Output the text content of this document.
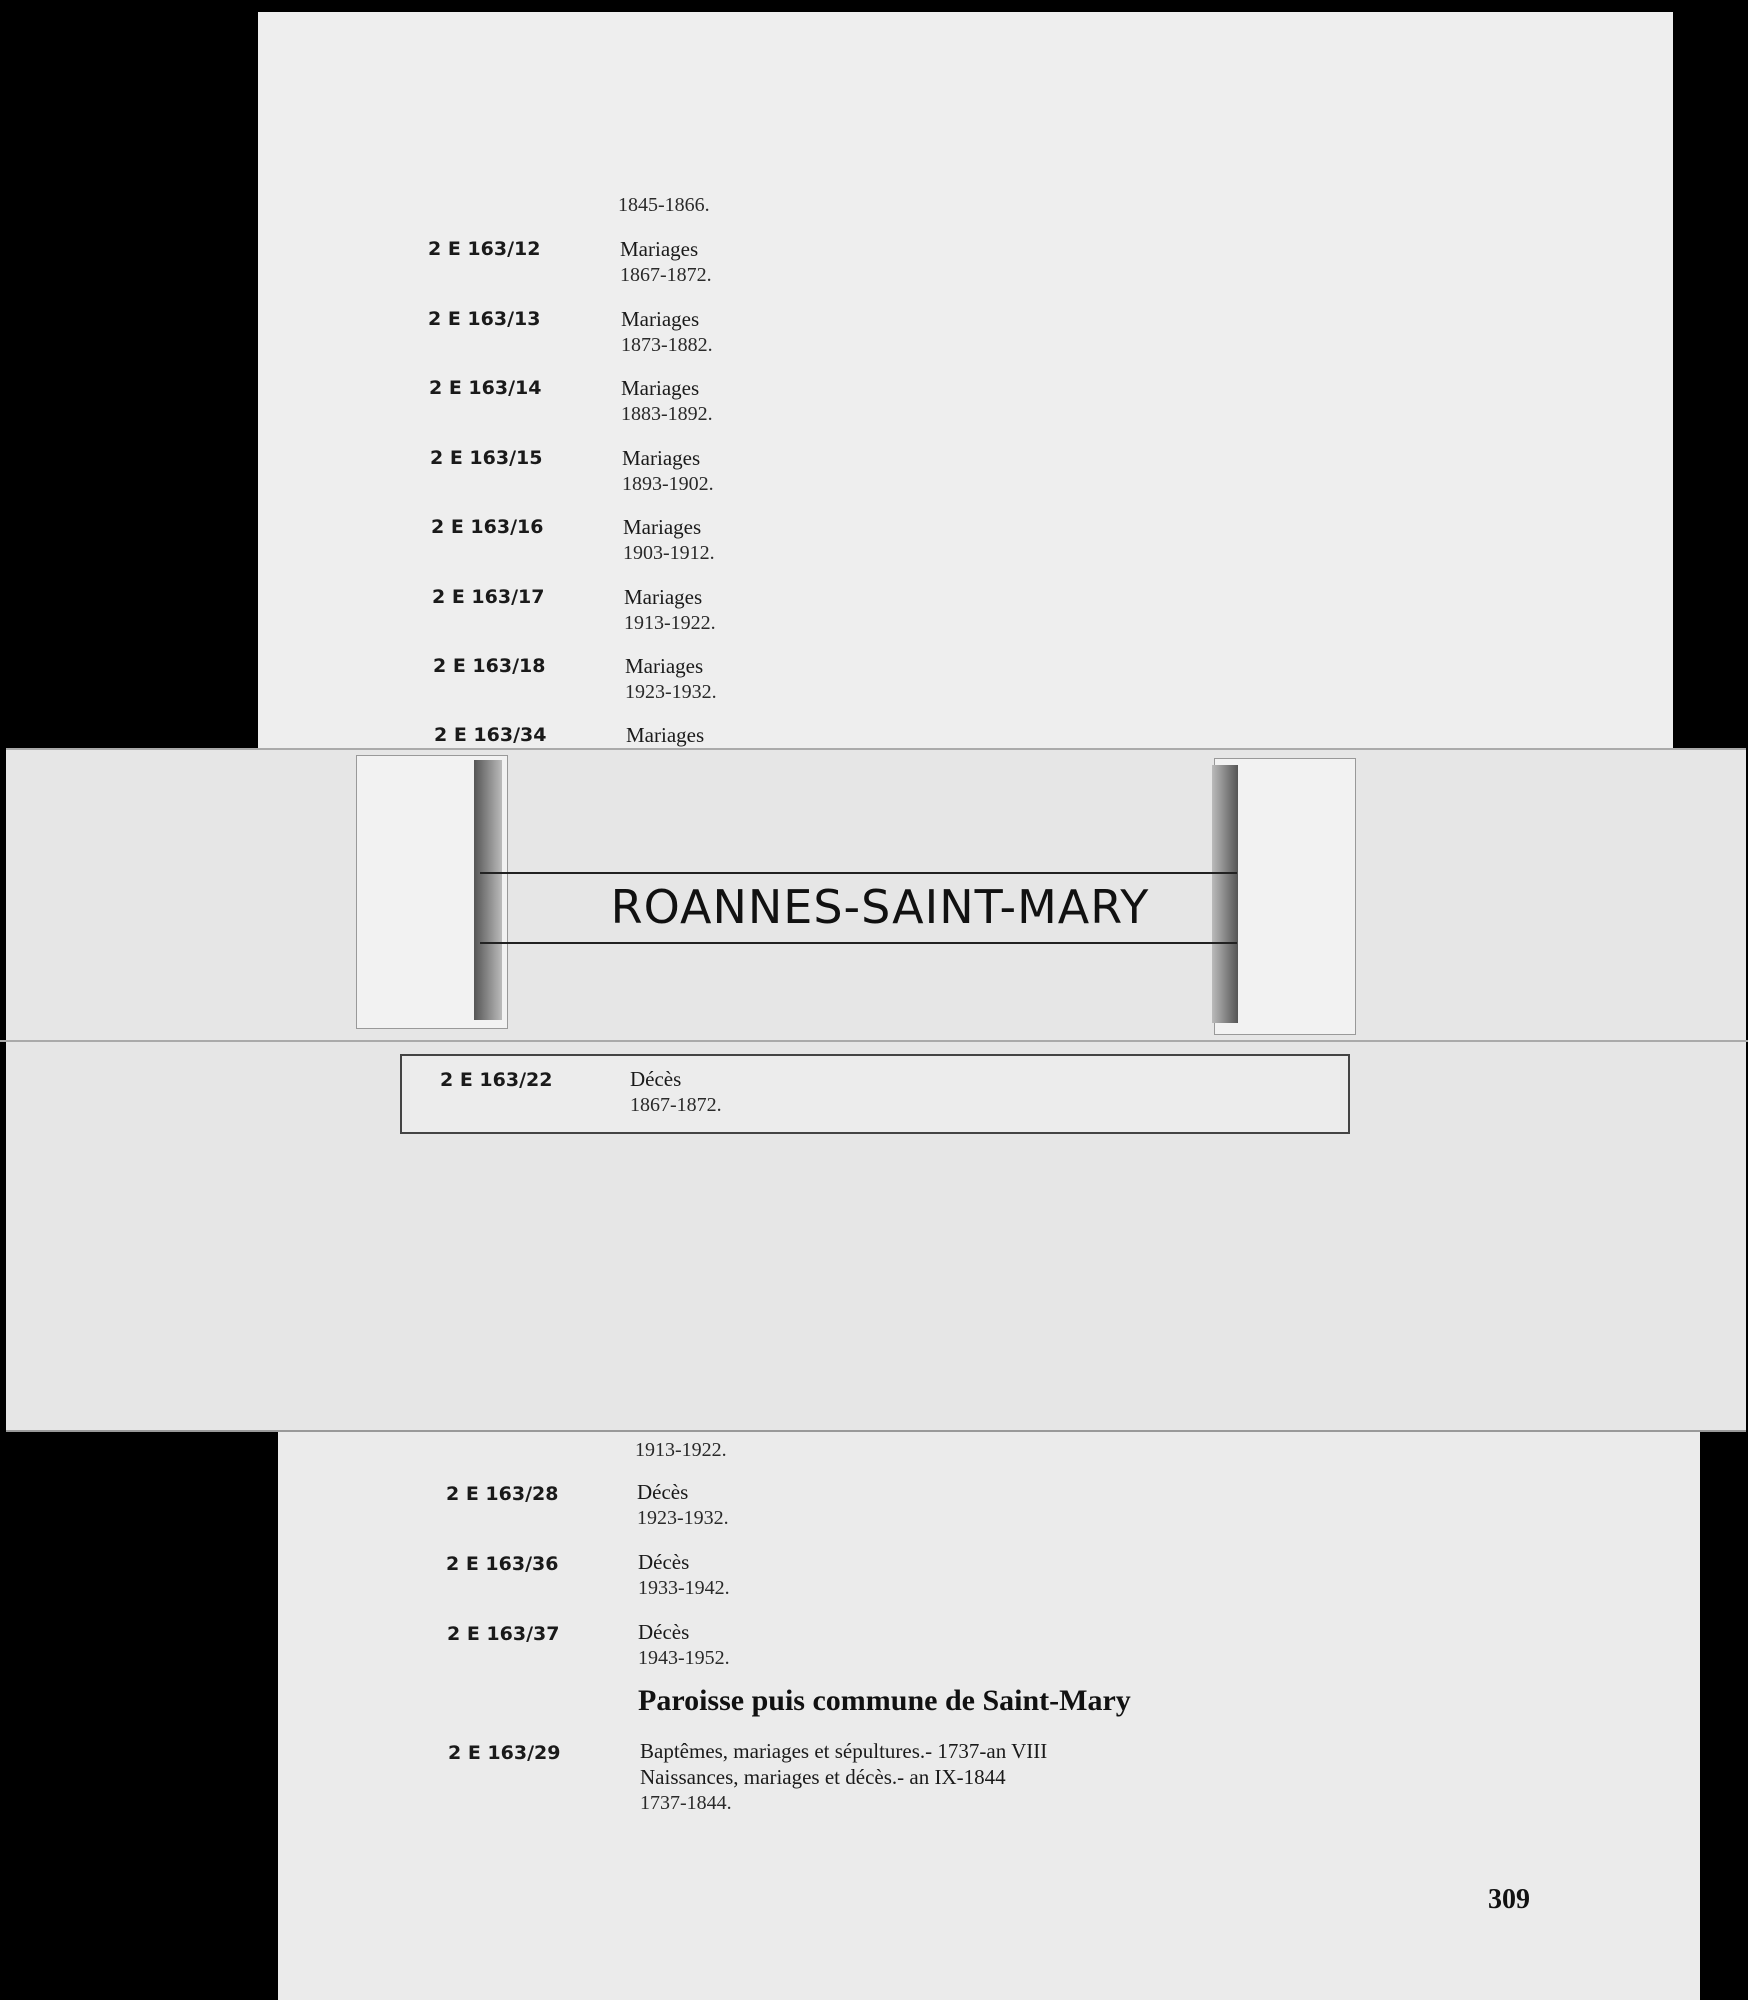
1845-1866.
2 E 163/12	Mariages
1867-1872.
2 E 163/13	Mariages
1873-1882.
2 E 163/14	Mariages
1883-1892.
2 E 163/15	Mariages
1893-1902.
2 E 163/16	Mariages
1903-1912.
2 E 163/17	Mariages
1913-1922.
2 E 163/18	Mariages
1923-1932.
2 E 163/34	Mariages
ROANNES-SAINT-MARY
2 E 163/22	Décès
1867-1872.
1913-1922.
2 E 163/28	Décès
1923-1932.
2 E 163/36	Décès
1933-1942.
2 E 163/37	Décès
1943-1952.
Paroisse puis commune de Saint-Mary
2 E 163/29	Baptêmes, mariages et sépultures.- 1737-an VIII
Naissances, mariages et décès.- an IX-1844
1737-1844.
309
